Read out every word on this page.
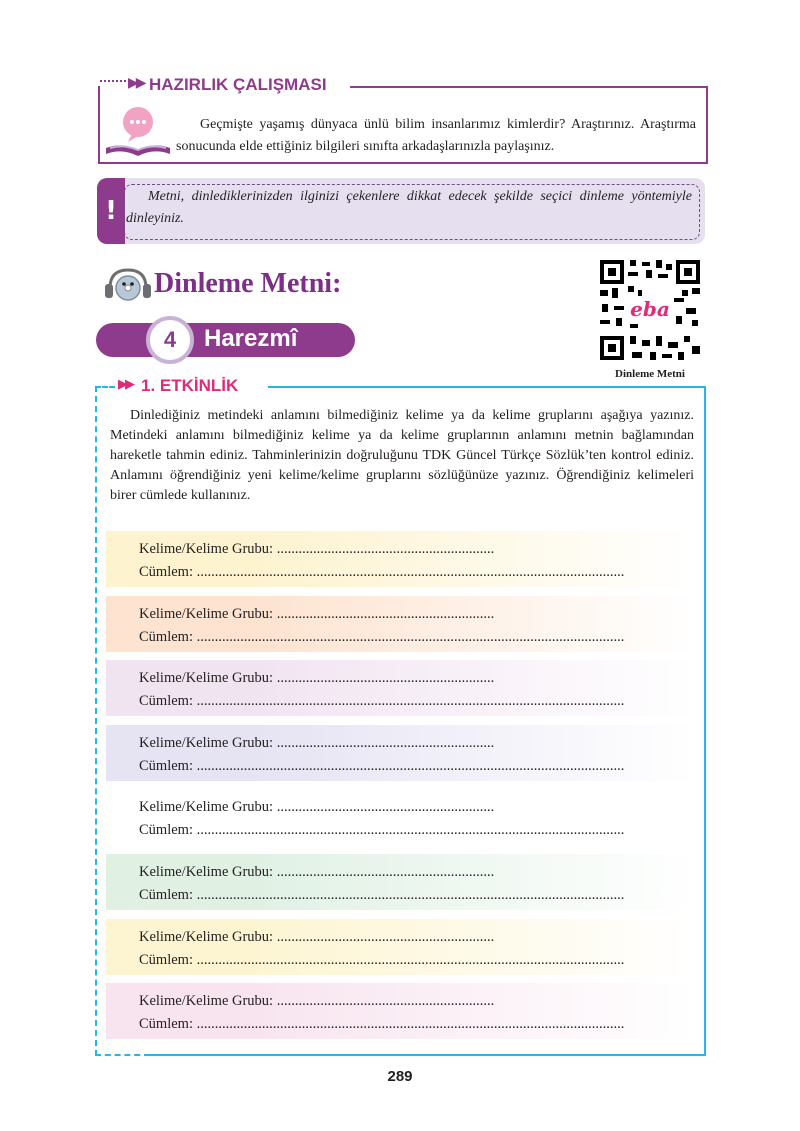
▶▶ HAZIRLIK ÇALIŞMASI
Geçmişte yaşamış dünyaca ünlü bilim insanlarımız kimlerdir? Araştırınız. Araştırma sonucunda elde ettiğiniz bilgileri sınıfta arkadaşlarınızla paylaşınız.
!	Metni, dinlediklerinizden ilginizi çekenlere dikkat edecek şekilde seçici dinleme yöntemiyle dinleyiniz.
Dinleme Metni:
eba
Dinleme Metni
4	Harezmî
▶▶ 1. ETKİNLİK
Dinlediğiniz metindeki anlamını bilmediğiniz kelime ya da kelime gruplarını aşağıya yazınız. Metindeki anlamını bilmediğiniz kelime ya da kelime gruplarının anlamını metnin bağlamından hareketle tahmin ediniz. Tahminlerinizin doğruluğunu TDK Güncel Türkçe Sözlük’ten kontrol ediniz. Anlamını öğrendiğiniz yeni kelime/kelime gruplarını sözlüğünüze yazınız. Öğrendiğiniz kelimeleri birer cümlede kullanınız.
Kelime/Kelime Grubu: ............................................................
Cümlem: ......................................................................................................................
Kelime/Kelime Grubu: ............................................................
Cümlem: ......................................................................................................................
Kelime/Kelime Grubu: ............................................................
Cümlem: ......................................................................................................................
Kelime/Kelime Grubu: ............................................................
Cümlem: ......................................................................................................................
Kelime/Kelime Grubu: ............................................................
Cümlem: ......................................................................................................................
Kelime/Kelime Grubu: ............................................................
Cümlem: ......................................................................................................................
Kelime/Kelime Grubu: ............................................................
Cümlem: ......................................................................................................................
Kelime/Kelime Grubu: ............................................................
Cümlem: ......................................................................................................................
289
